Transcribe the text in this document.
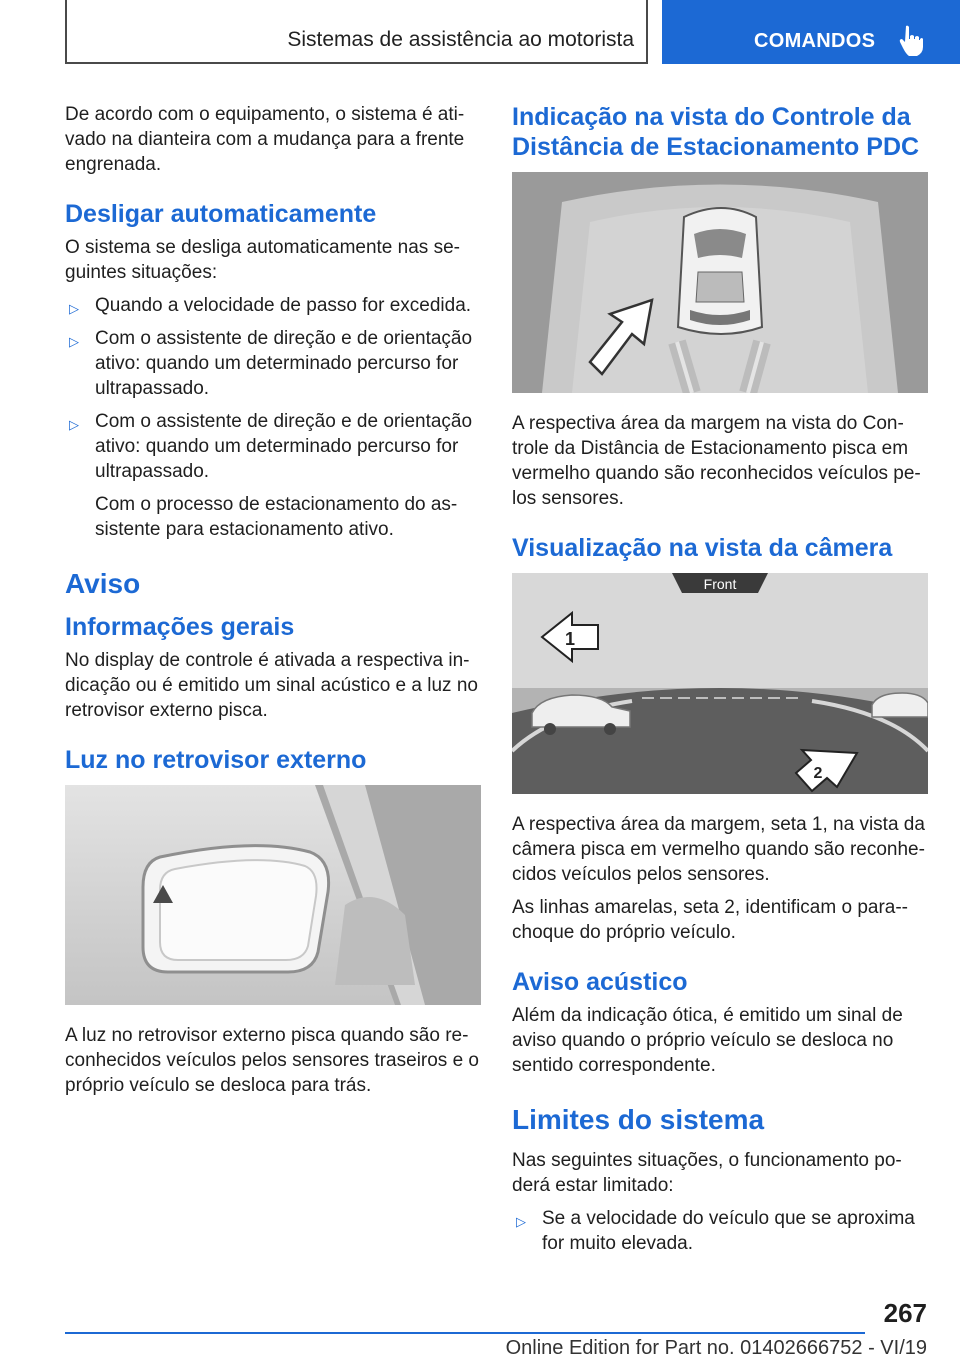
Sistemas de assistência ao motorista	COMANDOS

De acordo com o equipamento, o sistema é ati‐vado na dianteira com a mudança para a frente engrenada.

Desligar automaticamente

O sistema se desliga automaticamente nas se‐guintes situações:

▷ Quando a velocidade de passo for excedida.
▷ Com o assistente de direção e de orientação ativo: quando um determinado percurso for ultrapassado.
▷ Com o assistente de direção e de orientação ativo: quando um determinado percurso for ultrapassado.

Com o processo de estacionamento do as‐sistente para estacionamento ativo.

Aviso
Informações gerais

No display de controle é ativada a respectiva in‐dicação ou é emitido um sinal acústico e a luz no retrovisor externo pisca.

Luz no retrovisor externo

A luz no retrovisor externo pisca quando são re‐conhecidos veículos pelos sensores traseiros e o próprio veículo se desloca para trás.

Indicação na vista do Controle da Distância de Estacionamento PDC

A respectiva área da margem na vista do Con‐trole da Distância de Estacionamento pisca em vermelho quando são reconhecidos veículos pe‐los sensores.

Visualização na vista da câmera
Front
1
2

A respectiva área da margem, seta 1, na vista da câmera pisca em vermelho quando são reconhe‐cidos veículos pelos sensores.

As linhas amarelas, seta 2, identificam o para‐-choque do próprio veículo.

Aviso acústico

Além da indicação ótica, é emitido um sinal de aviso quando o próprio veículo se desloca no sentido correspondente.

Limites do sistema

Nas seguintes situações, o funcionamento po‐derá estar limitado:

▷ Se a velocidade do veículo que se aproxima for muito elevada.
267
Online Edition for Part no. 01402666752 - VI/19
